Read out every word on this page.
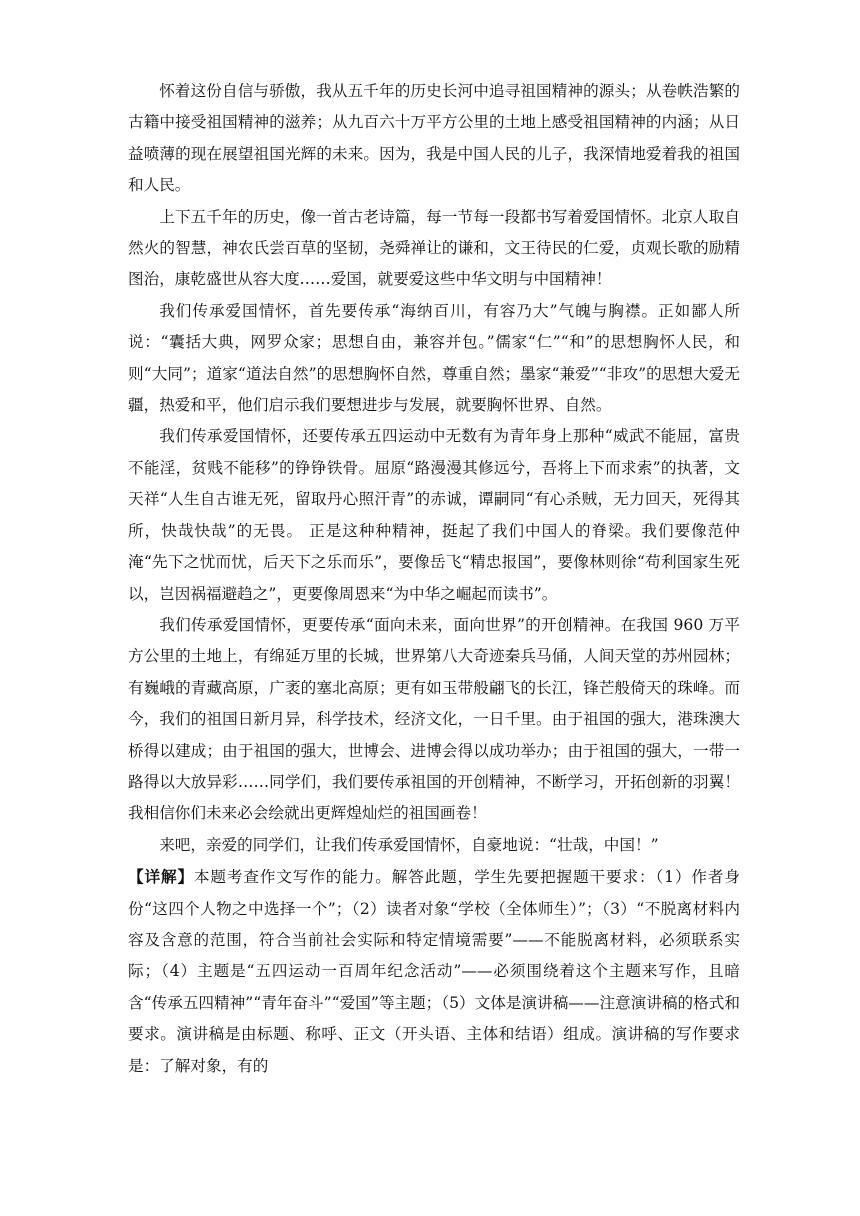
怀着这份自信与骄傲，我从五千年的历史长河中追寻祖国精神的源头；从卷帙浩繁的古籍中接受祖国精神的滋养；从九百六十万平方公里的土地上感受祖国精神的内涵；从日益喷薄的现在展望祖国光辉的未来。因为，我是中国人民的儿子，我深情地爱着我的祖国和人民。

上下五千年的历史，像一首古老诗篇，每一节每一段都书写着爱国情怀。北京人取自然火的智慧，神农氏尝百草的坚韧，尧舜禅让的谦和，文王待民的仁爱，贞观长歌的励精图治，康乾盛世从容大度……爱国，就要爱这些中华文明与中国精神！

我们传承爱国情怀，首先要传承“海纳百川，有容乃大”气魄与胸襟。正如鄙人所说：“囊括大典，网罗众家；思想自由，兼容并包。”儒家“仁”“和”的思想胸怀人民，和则“大同”；道家“道法自然”的思想胸怀自然，尊重自然；墨家“兼爱”“非攻”的思想大爱无疆，热爱和平，他们启示我们要想进步与发展，就要胸怀世界、自然。

我们传承爱国情怀，还要传承五四运动中无数有为青年身上那种“威武不能屈，富贵不能淫，贫贱不能移”的铮铮铁骨。屈原“路漫漫其修远兮，吾将上下而求索”的执著，文天祥“人生自古谁无死，留取丹心照汗青”的赤诚，谭嗣同“有心杀贼，无力回天，死得其所，快哉快哉”的无畏。 正是这种种精神，挺起了我们中国人的脊梁。我们要像范仲淹“先下之忧而忧，后天下之乐而乐”，要像岳飞“精忠报国”，要像林则徐“苟利国家生死以，岂因祸福避趋之”，更要像周恩来“为中华之崛起而读书”。

我们传承爱国情怀，更要传承“面向未来，面向世界”的开创精神。在我国 960 万平方公里的土地上，有绵延万里的长城，世界第八大奇迹秦兵马俑，人间天堂的苏州园林；有巍峨的青藏高原，广袤的塞北高原；更有如玉带般翩飞的长江，锋芒般倚天的珠峰。而今，我们的祖国日新月异，科学技术，经济文化，一日千里。由于祖国的强大，港珠澳大桥得以建成；由于祖国的强大，世博会、进博会得以成功举办；由于祖国的强大，一带一路得以大放异彩……同学们，我们要传承祖国的开创精神，不断学习，开拓创新的羽翼！我相信你们未来必会绘就出更辉煌灿烂的祖国画卷！

来吧，亲爱的同学们，让我们传承爱国情怀，自豪地说：“壮哉，中国！”

【详解】本题考查作文写作的能力。解答此题，学生先要把握题干要求：（1）作者身份“这四个人物之中选择一个”；（2）读者对象“学校（全体师生）”；（3）“不脱离材料内容及含意的范围，符合当前社会实际和特定情境需要”——不能脱离材料，必须联系实际；（4）主题是“五四运动一百周年纪念活动”——必须围绕着这个主题来写作，且暗含“传承五四精神”“青年奋斗”“爱国”等主题；（5）文体是演讲稿——注意演讲稿的格式和要求。演讲稿是由标题、称呼、正文（开头语、主体和结语）组成。演讲稿的写作要求是：了解对象，有的
